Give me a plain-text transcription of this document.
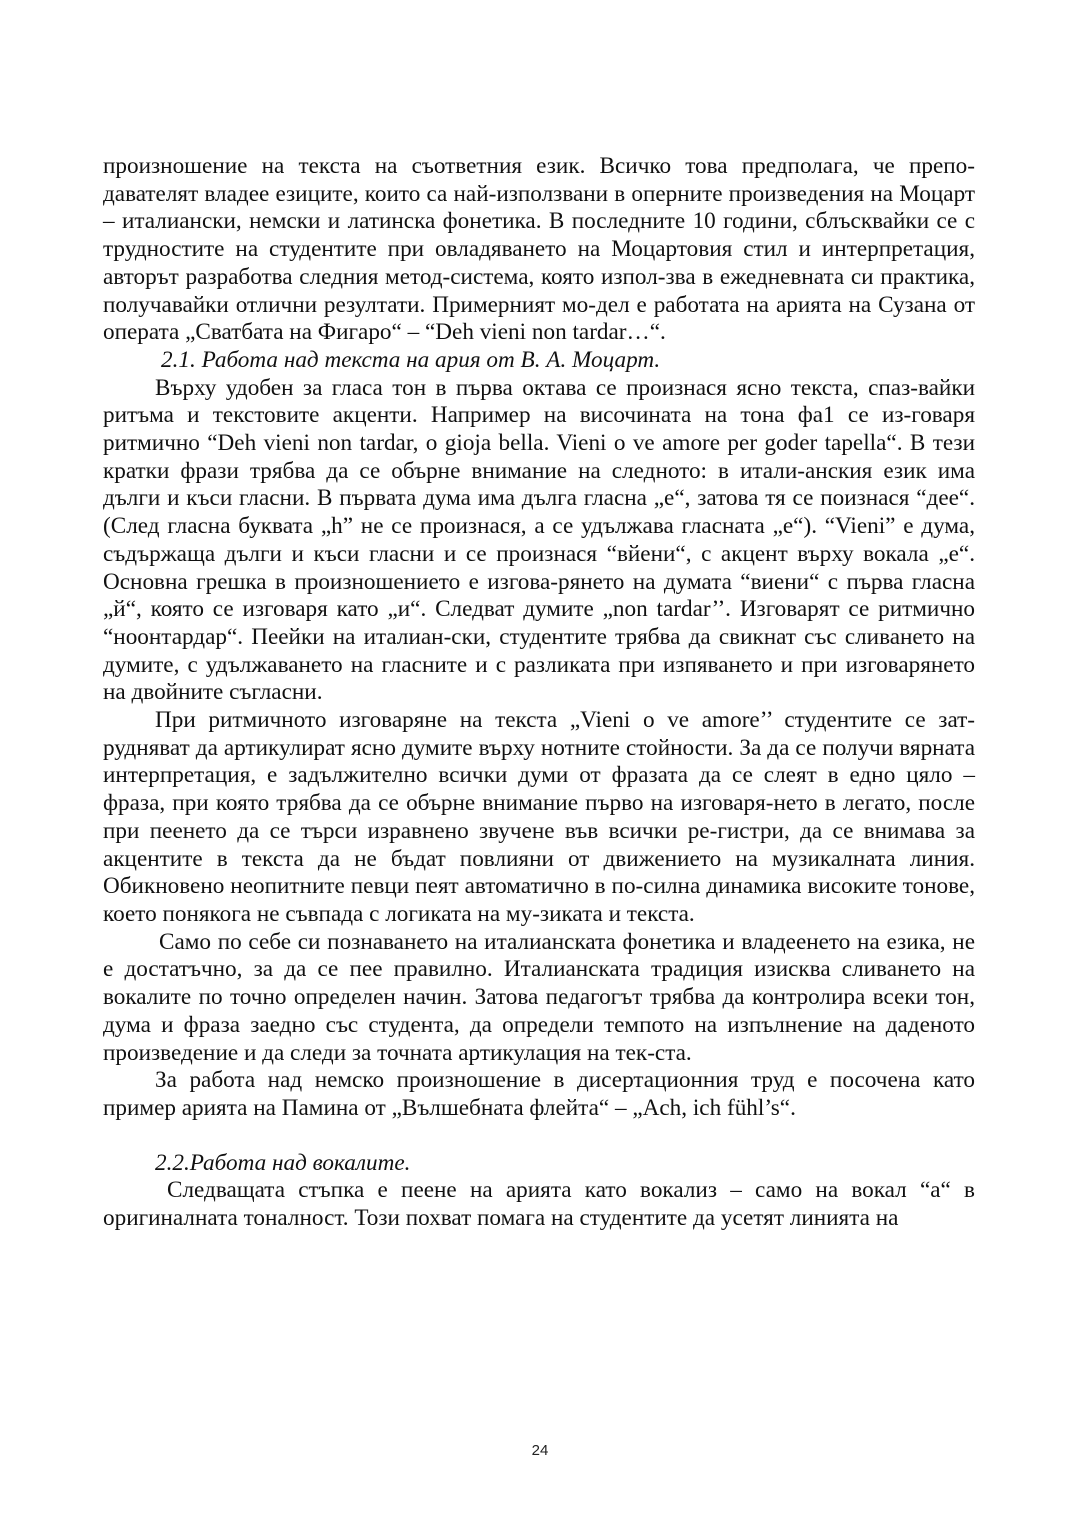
произношение на текста на съответния език. Всичко това предполага, че препо-давателят владее езиците, които са най-използвани в оперните произведения на Моцарт – италиански, немски и латинска фонетика. В последните 10 години, сблъсквайки се с трудностите на студентите при овладяването на Моцартовия стил и интерпретация, авторът разработва следния метод-система, която изпол-зва в ежедневната си практика, получавайки отлични резултати. Примерният мо-дел е работата на арията на Сузана от операта „Сватбата на Фигаро“ – “Deh vieni non tardar…“.

2.1. Работа над текста на ария от В. А. Моцарт.

Върху удобен за гласа тон в първа октава се произнася ясно текста, спаз-вайки ритъма и текстовите акценти. Например на височината на тона фа1 се из-говаря ритмично “Deh vieni non tardar, o gioja bella. Vieni o ve amore per goder tapella“. В тези кратки фрази трябва да се обърне внимание на следното: в итали-анския език има дълги и къси гласни. В първата дума има дълга гласна „е“, затова тя се поизнася “дее“. (След гласна буквата „h” не се произнася, а се удължава гласната „е“). “Vieni” е дума, съдържаща дълги и къси гласни и се произнася “вйени“, с акцент върху вокала „е“. Основна грешка в произношението е изгова-рянето на думата “виени“ с първа гласна „й“, която се изговаря като „и“. Следват думите „non tardar’’. Изговарят се ритмично “ноонтардар“. Пеейки на италиан-ски, студентите трябва да свикнат със сливането на думите, с удължаването на гласните и с разликата при изпяването и при изговарянето на двойните съгласни.

При ритмичното изговаряне на текста „Vieni o ve amore’’ студентите се зат-рудняват да артикулират ясно думите върху нотните стойности. За да се получи вярната интерпретация, е задължително всички думи от фразата да се слеят в едно цяло – фраза, при която трябва да се обърне внимание първо на изговаря-нето в легато, после при пеенето да се търси изравнено звучене във всички ре-гистри, да се внимава за акцентите в текста да не бъдат повлияни от движението на музикалната линия. Обикновено неопитните певци пеят автоматично в по-силна динамика високите тонове, което понякога не съвпада с логиката на му-зиката и текста.

Само по себе си познаването на италианската фонетика и владеенето на езика, не е достатъчно, за да се пее правилно. Италианската традиция изисква сливането на вокалите по точно определен начин. Затова педагогът трябва да контролира всеки тон, дума и фраза заедно със студента, да определи темпото на изпълнение на даденото произведение и да следи за точната артикулация на тек-ста.

За работа над немско произношение в дисертационния труд е посочена като пример арията на Памина от „Вълшебната флейта“ – „Ach, ich fühl’s“.

2.2.Работа над вокалите.

Следващата стъпка е пеене на арията като вокализ – само на вокал “а“ в оригиналната тоналност. Този похват помага на студентите да усетят линията на

24
